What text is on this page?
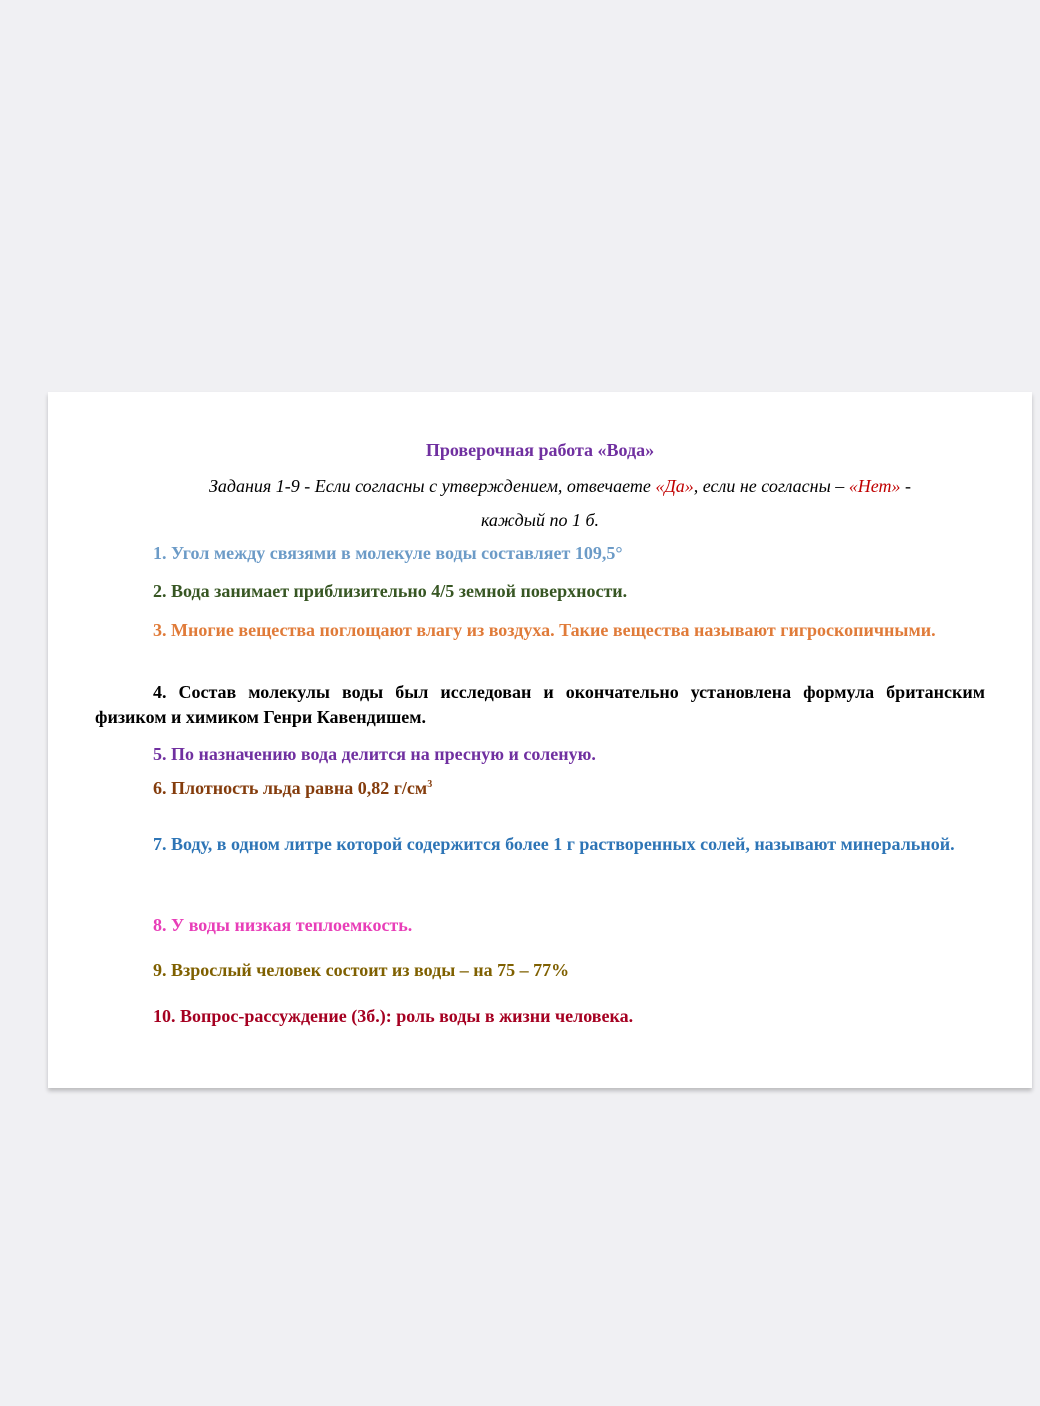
Проверочная работа «Вода»
Задания 1-9 - Если согласны с утверждением, отвечаете «Да», если не согласны – «Нет» -
каждый по 1 б.
1. Угол между связями в молекуле воды составляет 109,5°
2. Вода занимает приблизительно 4/5 земной поверхности.
3. Многие вещества поглощают влагу из воздуха. Такие вещества называют гигроскопичными.
4. Состав молекулы воды был исследован и окончательно установлена формула британским физиком и химиком Генри Кавендишем.
5. По назначению вода делится на пресную и соленую.
6. Плотность льда равна 0,82 $г/см^3$
7. Воду, в одном литре которой содержится более 1 г растворенных солей, называют минеральной.
8. У воды низкая теплоемкость.
9. Взрослый человек состоит из воды – на 75 – 77%
10. Вопрос-рассуждение (3б.): роль воды в жизни человека.
